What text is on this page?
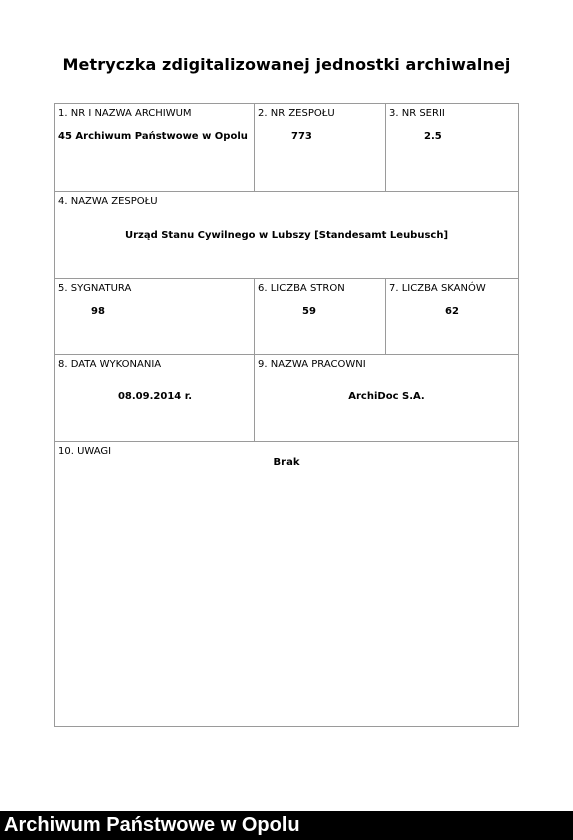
Metryczka zdigitalizowanej jednostki archiwalnej
1. NR I NAZWA ARCHIWUM
45 Archiwum Państwowe w Opolu
2. NR ZESPOŁU
773
3. NR SERII
2.5
4. NAZWA ZESPOŁU
Urząd Stanu Cywilnego w Lubszy [Standesamt Leubusch]
5. SYGNATURA
98
6. LICZBA STRON
59
7. LICZBA SKANÓW
62
8. DATA WYKONANIA
08.09.2014 r.
9. NAZWA PRACOWNI
ArchiDoc S.A.
10. UWAGI
Brak
Archiwum Państwowe w Opolu
